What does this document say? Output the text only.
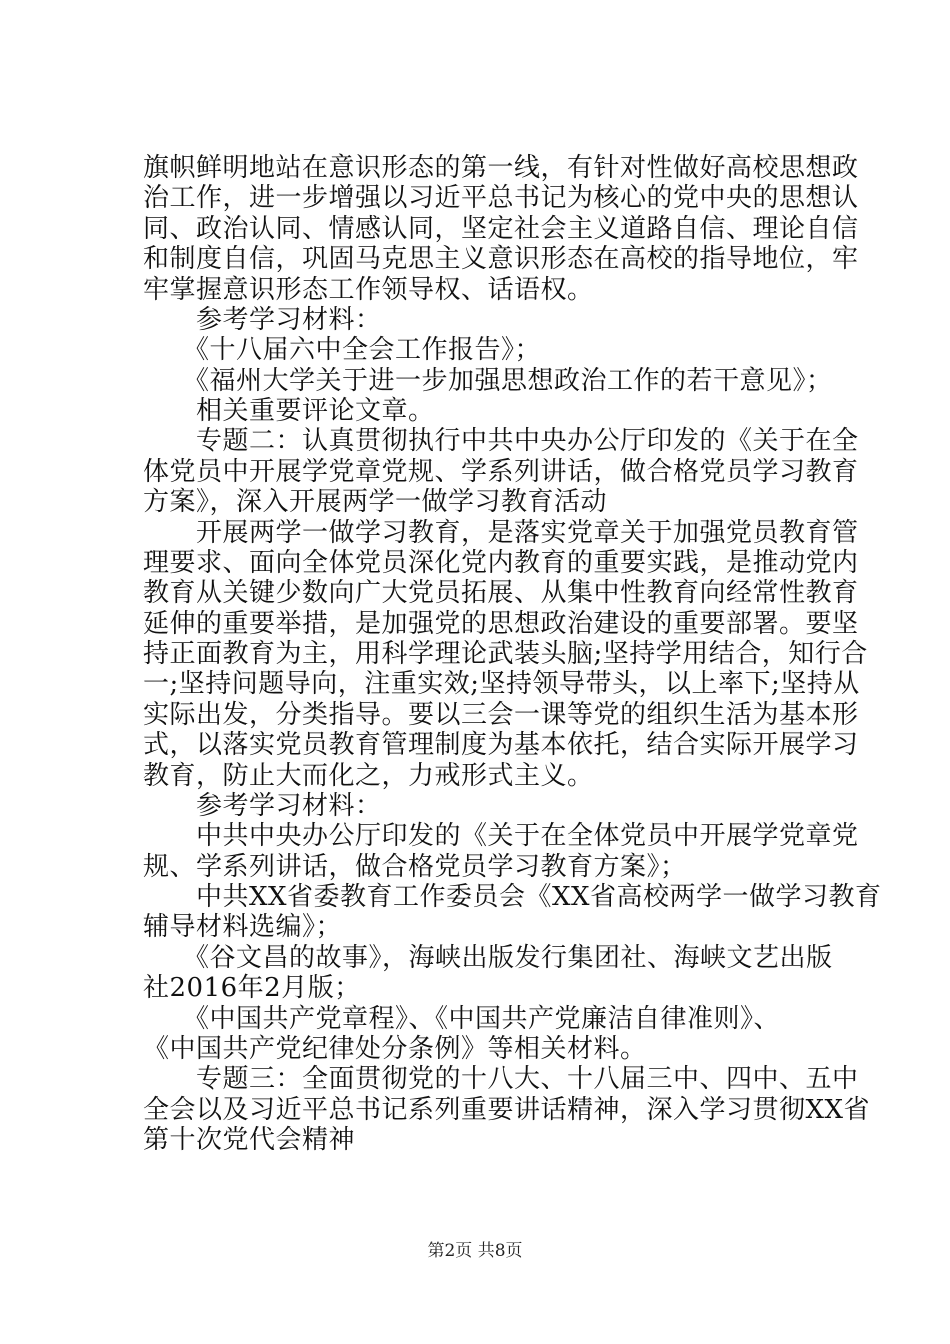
旗帜鲜明地站在意识形态的第一线，有针对性做好高校思想政
治工作，进一步增强以习近平总书记为核心的党中央的思想认
同、政治认同、情感认同，坚定社会主义道路自信、理论自信
和制度自信，巩固马克思主义意识形态在高校的指导地位，牢
牢掌握意识形态工作领导权、话语权。
　　参考学习材料：
　　《十八届六中全会工作报告》；
　　《福州大学关于进一步加强思想政治工作的若干意见》；
　　相关重要评论文章。
　　专题二：认真贯彻执行中共中央办公厅印发的《关于在全
体党员中开展学党章党规、学系列讲话，做合格党员学习教育
方案》，深入开展两学一做学习教育活动
　　开展两学一做学习教育，是落实党章关于加强党员教育管
理要求、面向全体党员深化党内教育的重要实践，是推动党内
教育从关键少数向广大党员拓展、从集中性教育向经常性教育
延伸的重要举措，是加强党的思想政治建设的重要部署。要坚
持正面教育为主，用科学理论武装头脑;坚持学用结合，知行合
一;坚持问题导向，注重实效;坚持领导带头，以上率下;坚持从
实际出发，分类指导。要以三会一课等党的组织生活为基本形
式，以落实党员教育管理制度为基本依托，结合实际开展学习
教育，防止大而化之，力戒形式主义。
　　参考学习材料：
　　中共中央办公厅印发的《关于在全体党员中开展学党章党
规、学系列讲话，做合格党员学习教育方案》；
　　中共XX省委教育工作委员会《XX省高校两学一做学习教育
辅导材料选编》；
　　《谷文昌的故事》，海峡出版发行集团社、海峡文艺出版
社2016年2月版；
　　《中国共产党章程》、《中国共产党廉洁自律准则》、
《中国共产党纪律处分条例》等相关材料。
　　专题三：全面贯彻党的十八大、十八届三中、四中、五中
全会以及习近平总书记系列重要讲话精神，深入学习贯彻XX省
第十次党代会精神
第2页 共8页
